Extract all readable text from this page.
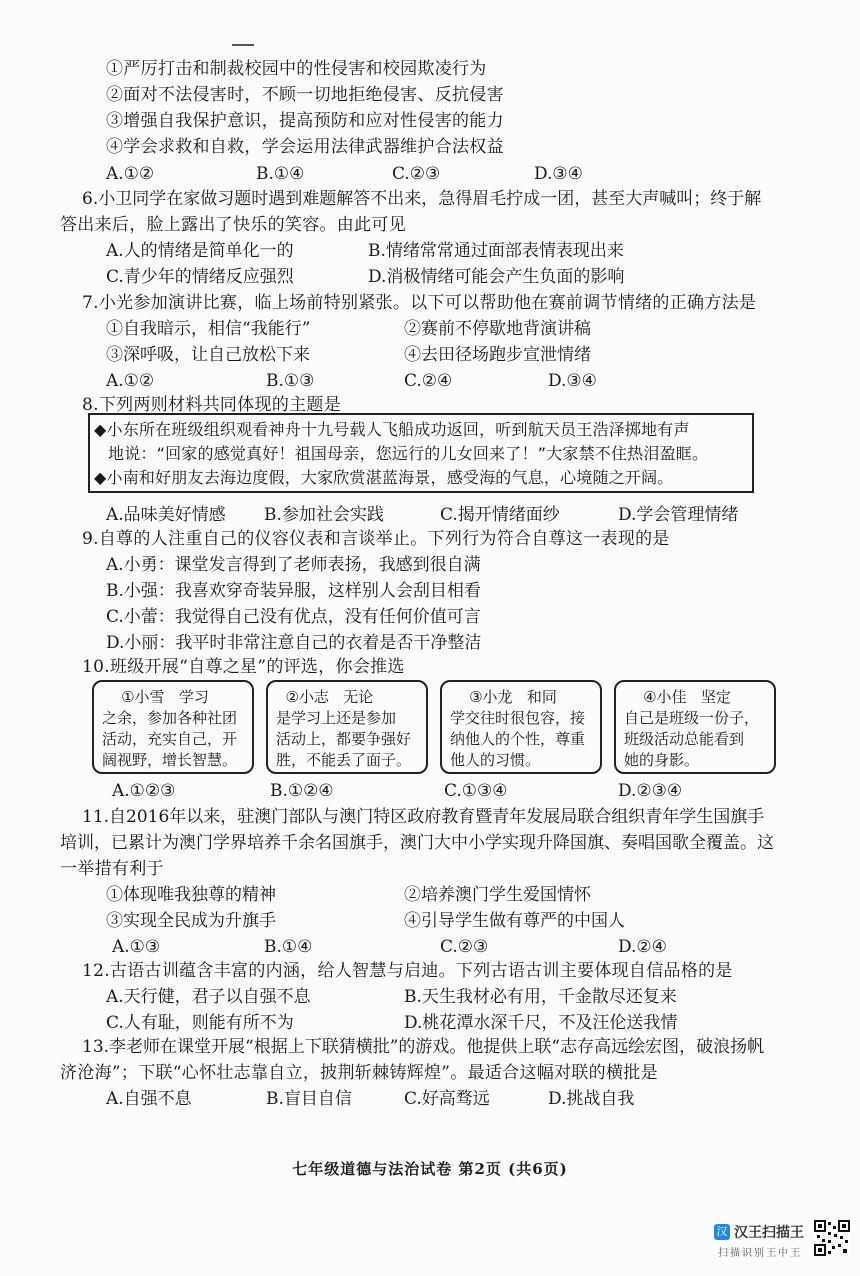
①严厉打击和制裁校园中的性侵害和校园欺凌行为
②面对不法侵害时，不顾一切地拒绝侵害、反抗侵害
③增强自我保护意识，提高预防和应对性侵害的能力
④学会求救和自救，学会运用法律武器维护合法权益
A.①②	B.①④	C.②③	D.③④
6.小卫同学在家做习题时遇到难题解答不出来，急得眉毛拧成一团，甚至大声喊叫；终于解
答出来后，脸上露出了快乐的笑容。由此可见
A.人的情绪是简单化一的	B.情绪常常通过面部表情表现出来
C.青少年的情绪反应强烈	D.消极情绪可能会产生负面的影响
7.小光参加演讲比赛，临上场前特别紧张。以下可以帮助他在赛前调节情绪的正确方法是
①自我暗示，相信“我能行”	②赛前不停歇地背演讲稿
③深呼吸，让自己放松下来	④去田径场跑步宣泄情绪
A.①②	B.①③	C.②④	D.③④
8.下列两则材料共同体现的主题是
◆小东所在班级组织观看神舟十九号载人飞船成功返回，听到航天员王浩泽掷地有声
地说：“回家的感觉真好！祖国母亲，您远行的儿女回来了！”大家禁不住热泪盈眶。
◆小南和好朋友去海边度假，大家欣赏湛蓝海景，感受海的气息，心境随之开阔。
A.品味美好情感 B.参加社会实践	C.揭开情绪面纱	D.学会管理情绪
9.自尊的人注重自己的仪容仪表和言谈举止。下列行为符合自尊这一表现的是
A.小勇：课堂发言得到了老师表扬，我感到很自满
B.小强：我喜欢穿奇装异服，这样别人会刮目相看
C.小蕾：我觉得自己没有优点，没有任何价值可言
D.小丽：我平时非常注意自己的衣着是否干净整洁
10.班级开展“自尊之星”的评选，你会推选
①小雪   学习
之余，参加各种社团
活动，充实自己，开
阔视野，增长智慧。
②小志   无论
是学习上还是参加
活动上，都要争强好
胜，不能丢了面子。
③小龙   和同
学交往时很包容，接
纳他人的个性，尊重
他人的习惯。
④小佳   坚定
自己是班级一份子，
班级活动总能看到
她的身影。
A.①②③	B.①②④	C.①③④	D.②③④
11.自2016年以来，驻澳门部队与澳门特区政府教育暨青年发展局联合组织青年学生国旗手
培训，已累计为澳门学界培养千余名国旗手，澳门大中小学实现升降国旗、奏唱国歌全覆盖。这
一举措有利于
①体现唯我独尊的精神	②培养澳门学生爱国情怀
③实现全民成为升旗手	④引导学生做有尊严的中国人
A.①③	B.①④	C.②③	D.②④
12.古语古训蕴含丰富的内涵，给人智慧与启迪。下列古语古训主要体现自信品格的是
A.天行健，君子以自强不息	B.天生我材必有用，千金散尽还复来
C.人有耻，则能有所不为	D.桃花潭水深千尺，不及汪伦送我情
13.李老师在课堂开展“根据上下联猜横批”的游戏。他提供上联“志存高远绘宏图，破浪扬帆
济沧海”；下联“心怀壮志靠自立，披荆斩棘铸辉煌”。最适合这幅对联的横批是
A.自强不息	B.盲目自信	C.好高骛远	D.挑战自我
七年级道德与法治试卷 第2页 (共6页)
汉 汉王扫描王
扫描识别王中王
